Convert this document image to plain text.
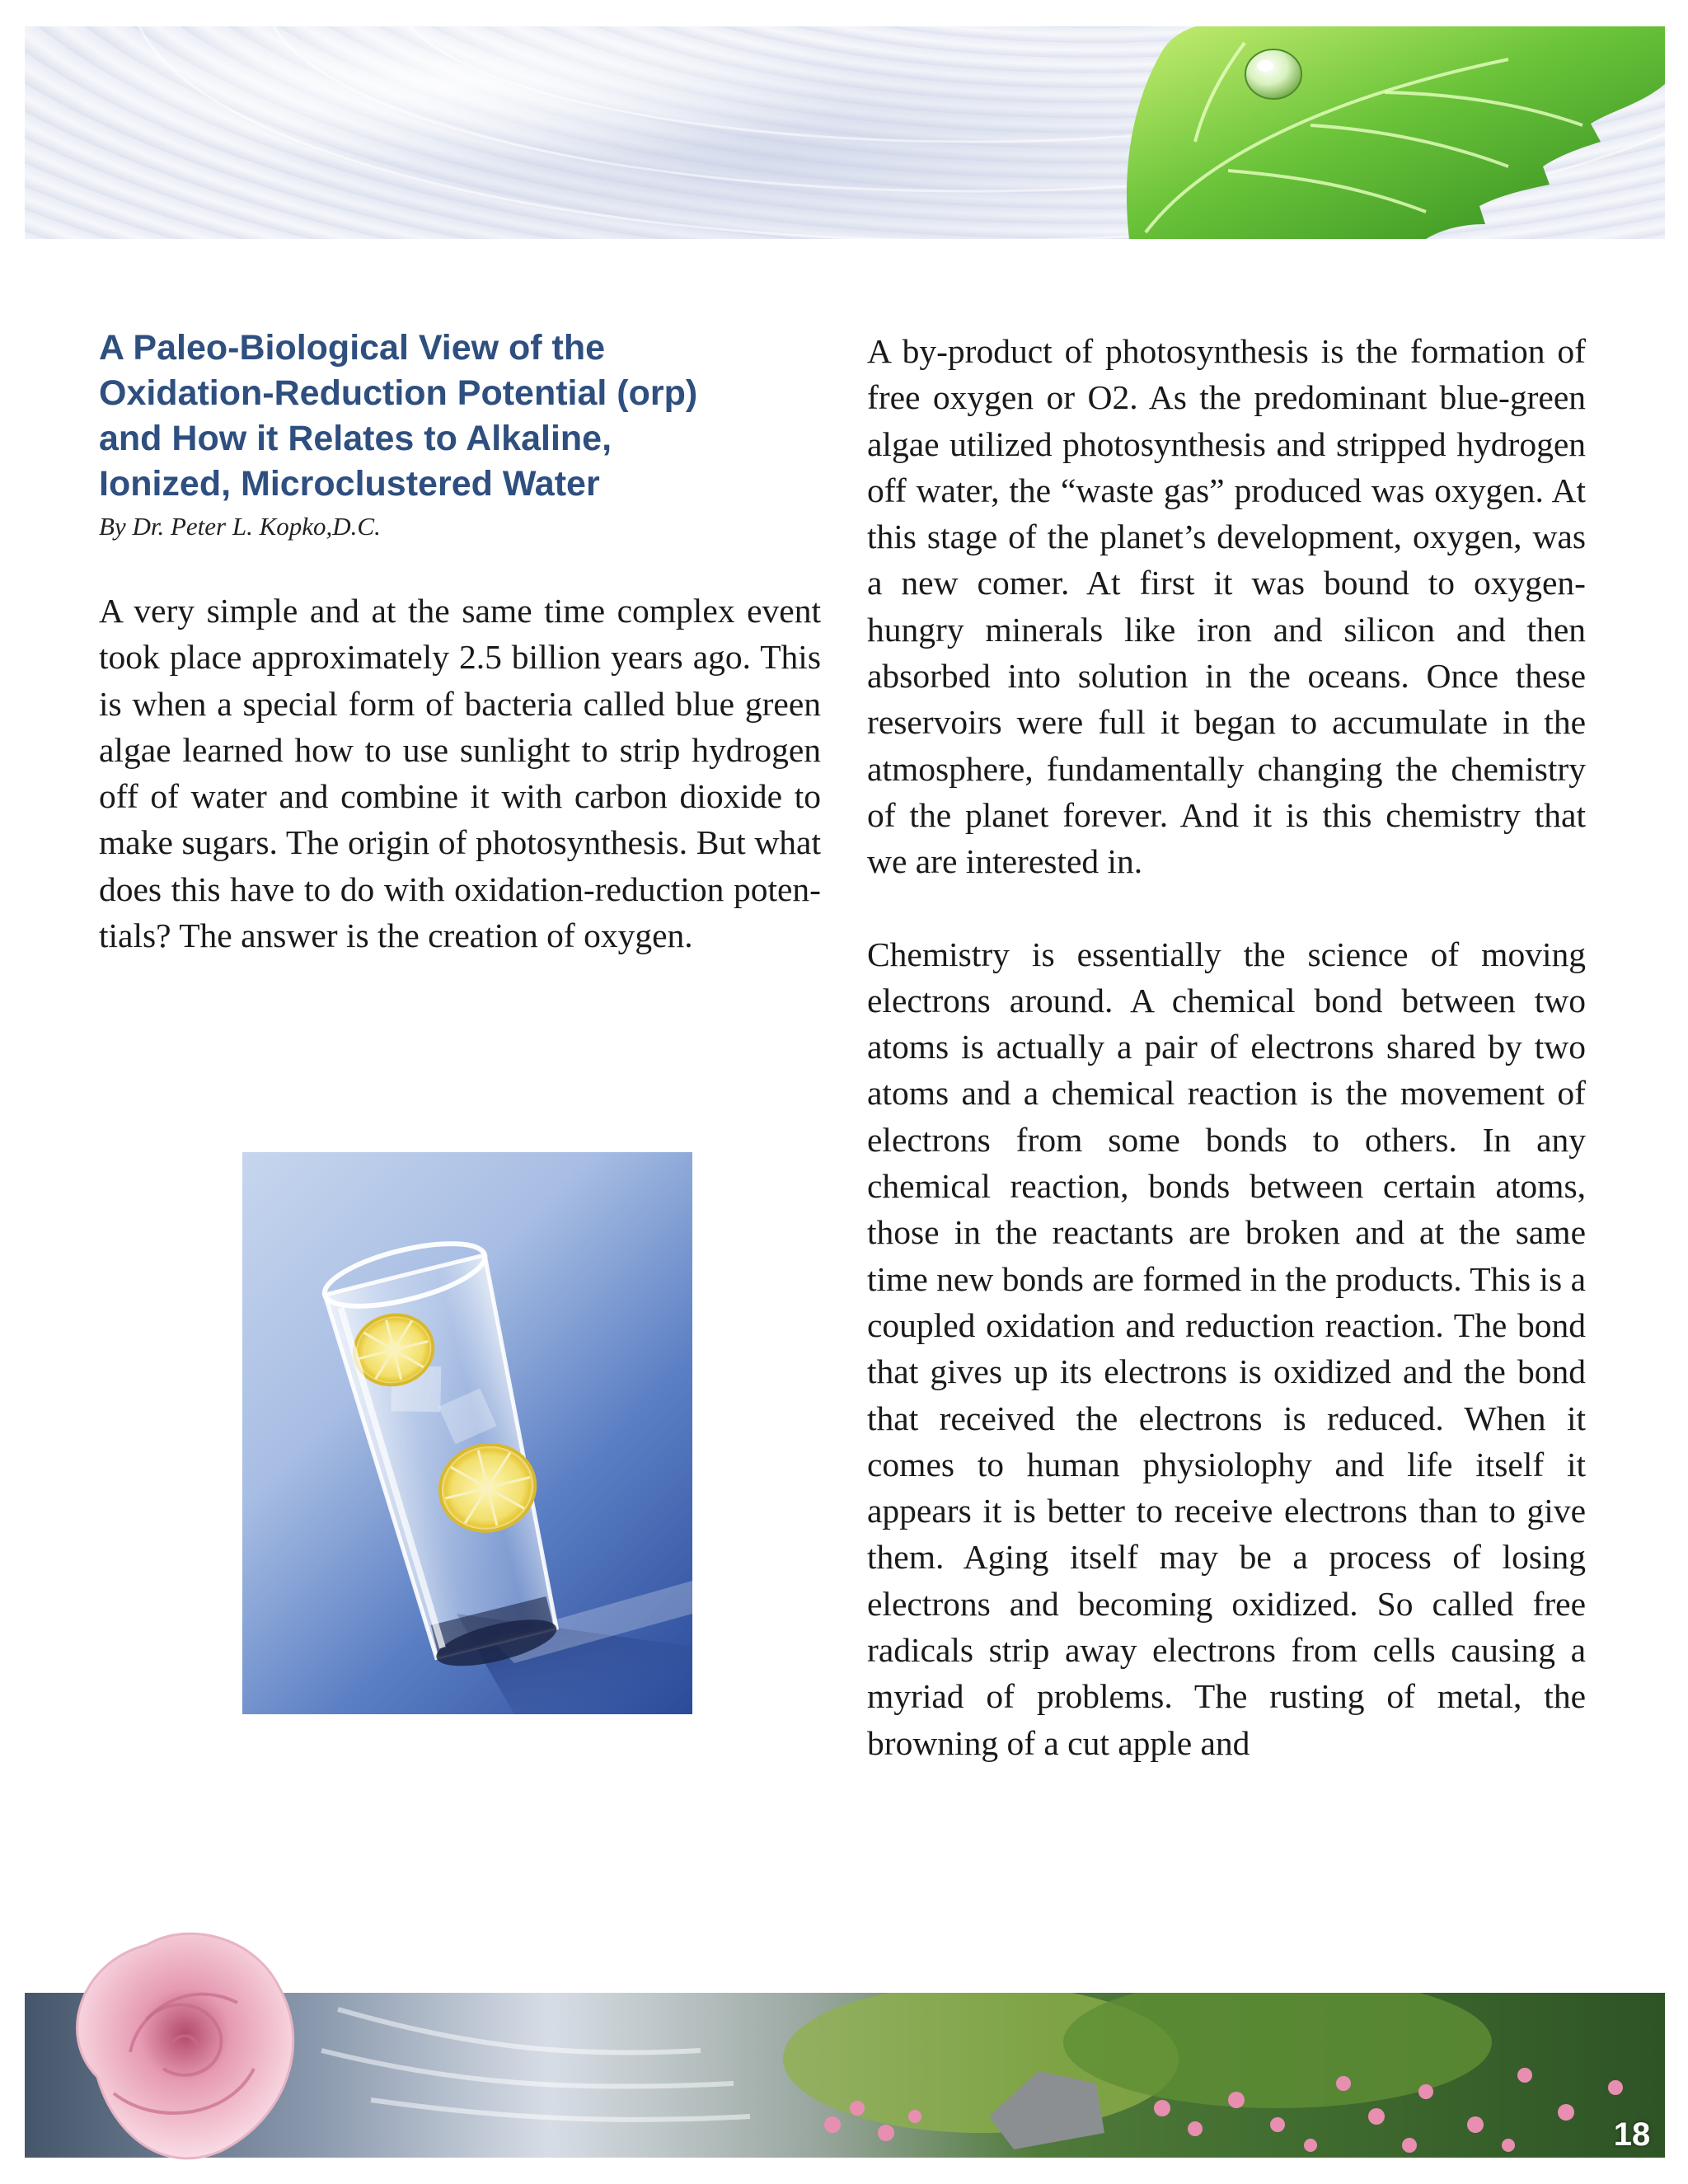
A Paleo-Biological View of the
Oxidation-Reduction Potential (orp)
and How it Relates to Alkaline,
Ionized, Microclustered Water

By Dr. Peter L. Kopko,D.C.

A very simple and at the same time complex event took place approximately 2.5 billion years ago. This is when a special form of bacteria called blue green algae learned how to use sunlight to strip hydrogen off of water and combine it with carbon dioxide to make sugars. The origin of photosynthesis. But what does this have to do with oxidation-reduction potentials? The answer is the creation of oxygen.

A by-product of photosynthesis is the formation of free oxygen or O2. As the predominant blue-green algae utilized photosynthesis and stripped hydrogen off water, the “waste gas” produced was oxygen. At this stage of the planet’s development, oxygen, was a new comer. At first it was bound to oxygen-hungry minerals like iron and silicon and then absorbed into solution in the oceans. Once these reservoirs were full it began to accumulate in the atmosphere, fundamentally changing the chemistry of the planet forever. And it is this chemistry that we are interested in.

Chemistry is essentially the science of moving electrons around. A chemical bond between two atoms is actually a pair of electrons shared by two atoms and a chemical reaction is the movement of electrons from some bonds to others. In any chemical reaction, bonds between certain atoms, those in the reactants are broken and at the same time new bonds are formed in the products. This is a coupled oxidation and reduction reaction. The bond that gives up its electrons is oxidized and the bond that received the electrons is reduced. When it comes to human physiolophy and life itself it appears it is better to receive electrons than to give them. Aging itself may be a process of losing electrons and becoming oxidized. So called free radicals strip away electrons from cells causing a myriad of problems. The rusting of metal, the browning of a cut apple and

18
